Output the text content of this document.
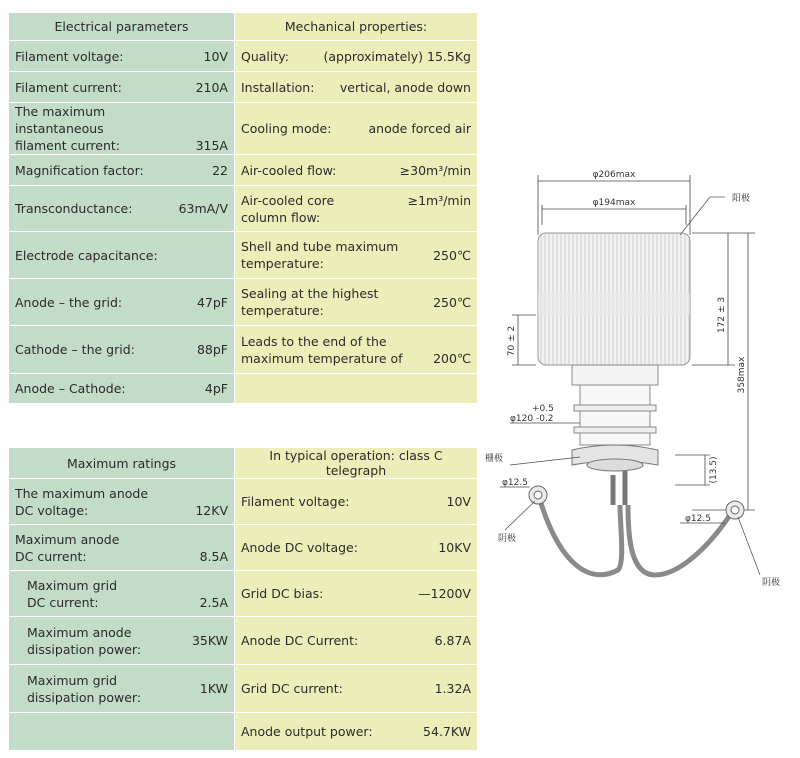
Electrical parameters	Mechanical properties:

Filament voltage: 10V	Quality: (approximately) 15.5Kg

Filament current: 210A	Installation: vertical, anode down

The maximum instantaneous
filament current: 315A	Cooling mode: anode forced air

Magnification factor: 22	Air-cooled flow: ≥30m³/min

Transconductance: 63mA/V	Air-cooled core
column flow:
≥1m³/min

Electrode capacitance:	Shell and tube maximum
temperature:
250℃

Anode – the grid: 47pF	Sealing at the highest
temperature:
250℃

Cathode – the grid: 88pF	Leads to the end of the
maximum temperature of 200℃

Anode – Cathode: 4pF	

Maximum ratings	In typical operation: class C telegraph

The maximum anode
DC voltage: 12KV	Filament voltage: 10V

Maximum anode
DC current: 8.5A	Anode DC voltage: 10KV

Maximum grid
DC current: 2.5A	Grid DC bias: —1200V

Maximum anode
dissipation power:
35KW	Anode DC Current: 6.87A

Maximum grid
dissipation power:
1KW	Grid DC current: 1.32A

	Anode output power: 54.7KW
φ206max
φ194max	阳极
172 ± 3
358max
70 ± 2
+0.5
φ120 -0.2
(13.5)
栅极
φ12.5
阴极
φ12.5
阴极
